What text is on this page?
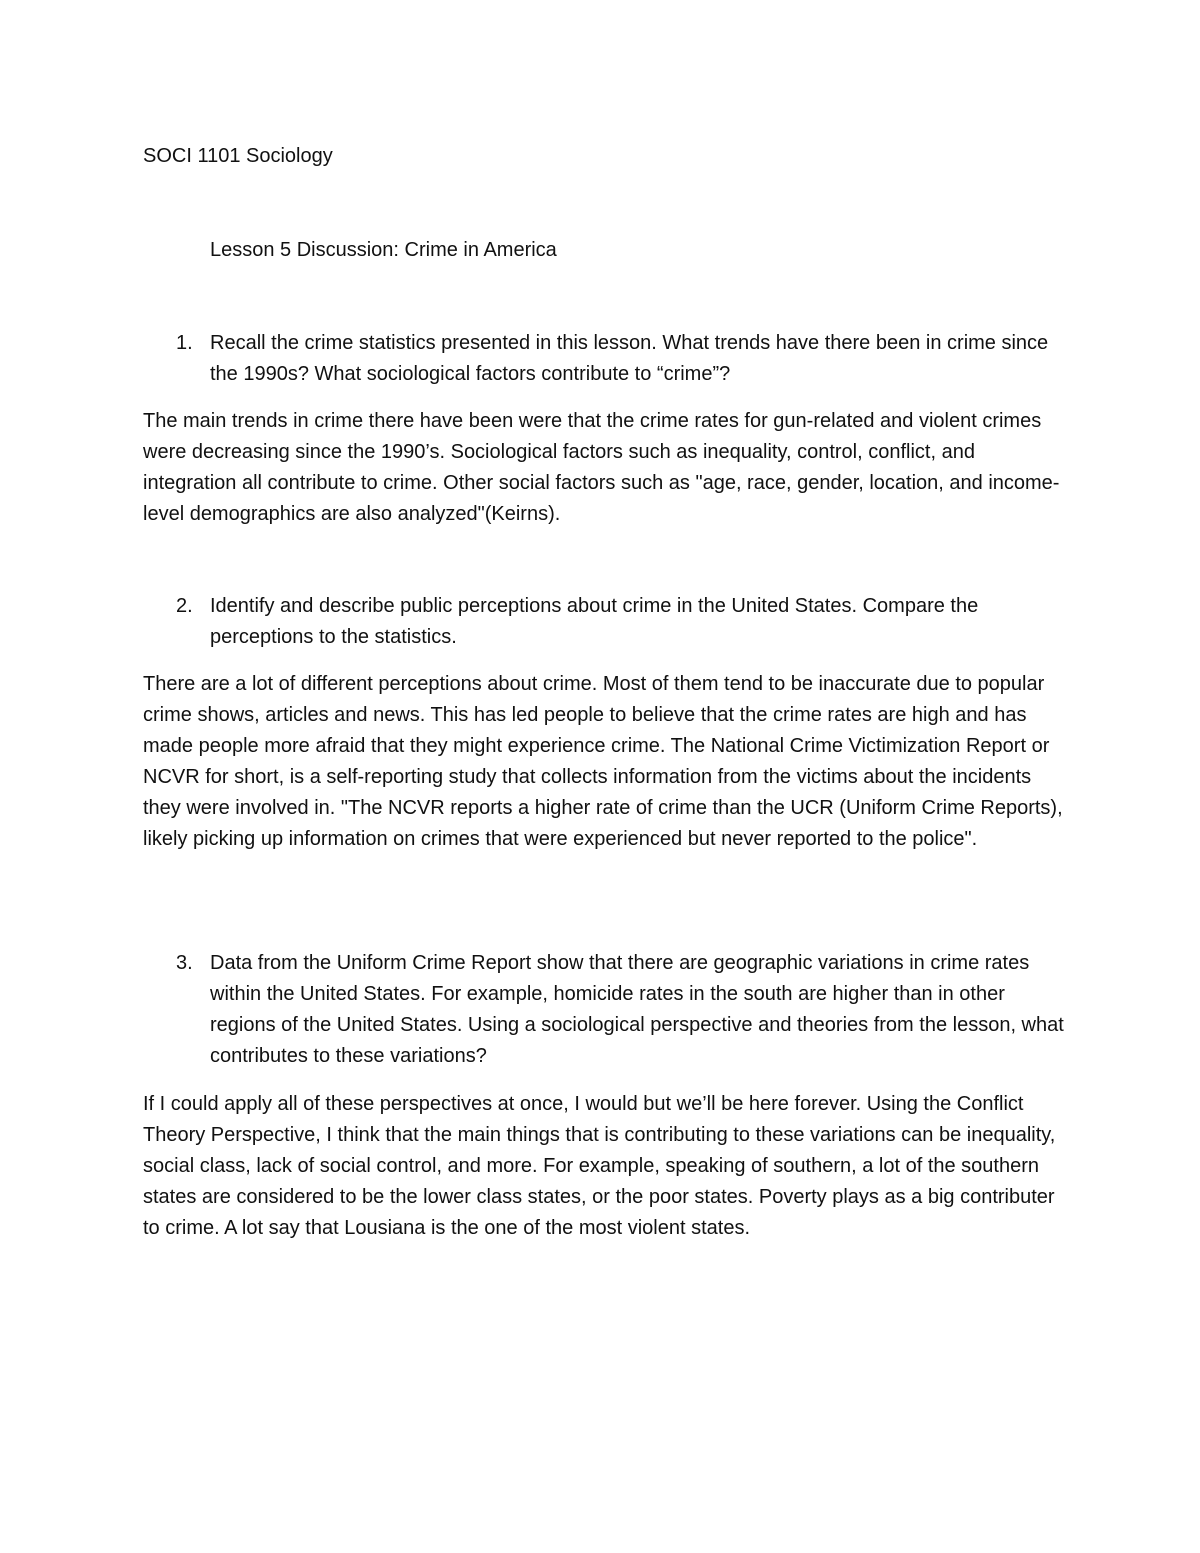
SOCI 1101 Sociology
Lesson 5 Discussion: Crime in America

1. Recall the crime statistics presented in this lesson. What trends have there been in crime since the 1990s? What sociological factors contribute to “crime”?

The main trends in crime there have been were that the crime rates for gun-related and violent crimes were decreasing since the 1990’s. Sociological factors such as inequality, control, conflict, and integration all contribute to crime. Other social factors such as "age, race, gender, location, and income-level demographics are also analyzed"(Keirns).

2. Identify and describe public perceptions about crime in the United States. Compare the perceptions to the statistics.

There are a lot of different perceptions about crime. Most of them tend to be inaccurate due to popular crime shows, articles and news. This has led people to believe that the crime rates are high and has made people more afraid that they might experience crime. The National Crime Victimization Report or NCVR for short, is a self-reporting study that collects information from the victims about the incidents they were involved in. "The NCVR reports a higher rate of crime than the UCR (Uniform Crime Reports), likely picking up information on crimes that were experienced but never reported to the police".

3. Data from the Uniform Crime Report show that there are geographic variations in crime rates within the United States. For example, homicide rates in the south are higher than in other regions of the United States. Using a sociological perspective and theories from the lesson, what contributes to these variations?

If I could apply all of these perspectives at once, I would but we’ll be here forever. Using the Conflict Theory Perspective, I think that the main things that is contributing to these variations can be inequality, social class, lack of social control, and more. For example, speaking of southern, a lot of the southern states are considered to be the lower class states, or the poor states. Poverty plays as a big contributer to crime. A lot say that Lousiana is the one of the most violent states.
